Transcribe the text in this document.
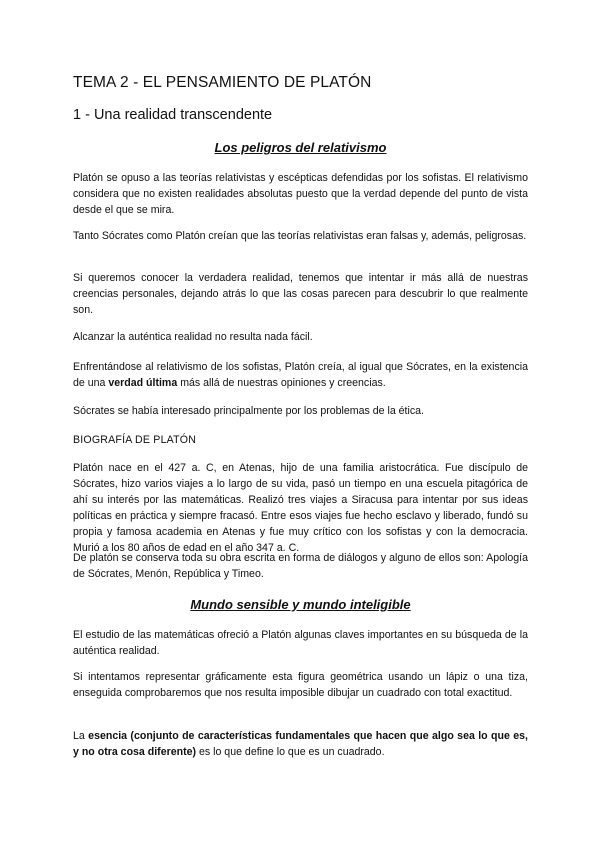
TEMA 2 - EL PENSAMIENTO DE PLATÓN
1 - Una realidad transcendente
Los peligros del relativismo

Platón se opuso a las teorías relativistas y escépticas defendidas por los sofistas. El relativismo considera que no existen realidades absolutas puesto que la verdad depende del punto de vista desde el que se mira.

Tanto Sócrates como Platón creían que las teorías relativistas eran falsas y, además, peligrosas.

Si queremos conocer la verdadera realidad, tenemos que intentar ir más allá de nuestras creencias personales, dejando atrás lo que las cosas parecen para descubrir lo que realmente son.

Alcanzar la auténtica realidad no resulta nada fácil.

Enfrentándose al relativismo de los sofistas, Platón creía, al igual que Sócrates, en la existencia de una verdad última más allá de nuestras opiniones y creencias.

Sócrates se había interesado principalmente por los problemas de la ética.

BIOGRAFÍA DE PLATÓN

Platón nace en el 427 a. C, en Atenas, hijo de una familia aristocrática. Fue discípulo de Sócrates, hizo varios viajes a lo largo de su vida, pasó un tiempo en una escuela pitagórica de ahí su interés por las matemáticas. Realizó tres viajes a Siracusa para intentar por sus ideas políticas en práctica y siempre fracasó. Entre esos viajes fue hecho esclavo y liberado, fundó su propia y famosa academia en Atenas y fue muy crítico con los sofistas y con la democracia. Murió a los 80 años de edad en el año 347 a. C.

De platón se conserva toda su obra escrita en forma de diálogos y alguno de ellos son: Apología de Sócrates, Menón, República y Timeo.

Mundo sensible y mundo inteligible

El estudio de las matemáticas ofreció a Platón algunas claves importantes en su búsqueda de la auténtica realidad.

Si intentamos representar gráficamente esta figura geométrica usando un lápiz o una tiza, enseguida comprobaremos que nos resulta imposible dibujar un cuadrado con total exactitud.

La esencia (conjunto de características fundamentales que hacen que algo sea lo que es, y no otra cosa diferente) es lo que define lo que es un cuadrado.
